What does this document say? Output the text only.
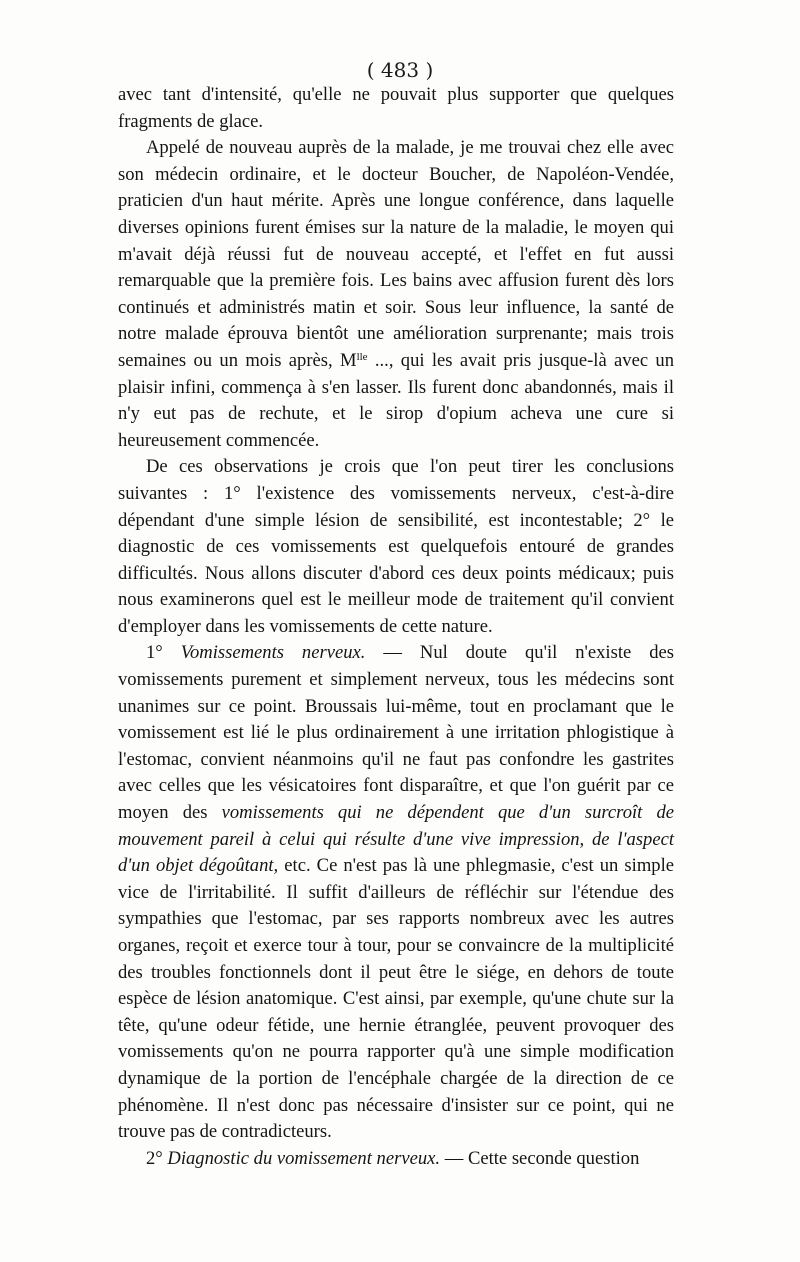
( 483 )

avec tant d'intensité, qu'elle ne pouvait plus supporter que quelques fragments de glace.

Appelé de nouveau auprès de la malade, je me trouvai chez elle avec son médecin ordinaire, et le docteur Boucher, de Napoléon-Vendée, praticien d'un haut mérite. Après une longue conférence, dans laquelle diverses opinions furent émises sur la nature de la maladie, le moyen qui m'avait déjà réussi fut de nouveau accepté, et l'effet en fut aussi remarquable que la première fois. Les bains avec affusion furent dès lors continués et administrés matin et soir. Sous leur influence, la santé de notre malade éprouva bientôt une amélioration surprenante; mais trois semaines ou un mois après, $M^{lle}$ ..., qui les avait pris jusque-là avec un plaisir infini, commença à s'en lasser. Ils furent donc abandonnés, mais il n'y eut pas de rechute, et le sirop d'opium acheva une cure si heureusement commencée.

De ces observations je crois que l'on peut tirer les conclusions suivantes : 1° l'existence des vomissements nerveux, c'est-à-dire dépendant d'une simple lésion de sensibilité, est incontestable; 2° le diagnostic de ces vomissements est quelquefois entouré de grandes difficultés. Nous allons discuter d'abord ces deux points médicaux; puis nous examinerons quel est le meilleur mode de traitement qu'il convient d'employer dans les vomissements de cette nature.

1° Vomissements nerveux. — Nul doute qu'il n'existe des vomissements purement et simplement nerveux, tous les médecins sont unanimes sur ce point. Broussais lui-même, tout en proclamant que le vomissement est lié le plus ordinairement à une irritation phlogistique à l'estomac, convient néanmoins qu'il ne faut pas confondre les gastrites avec celles que les vésicatoires font disparaître, et que l'on guérit par ce moyen des vomissements qui ne dépendent que d'un surcroît de mouvement pareil à celui qui résulte d'une vive impression, de l'aspect d'un objet dégoûtant, etc. Ce n'est pas là une phlegmasie, c'est un simple vice de l'irritabilité. Il suffit d'ailleurs de réfléchir sur l'étendue des sympathies que l'estomac, par ses rapports nombreux avec les autres organes, reçoit et exerce tour à tour, pour se convaincre de la multiplicité des troubles fonctionnels dont il peut être le siége, en dehors de toute espèce de lésion anatomique. C'est ainsi, par exemple, qu'une chute sur la tête, qu'une odeur fétide, une hernie étranglée, peuvent provoquer des vomissements qu'on ne pourra rapporter qu'à une simple modification dynamique de la portion de l'encéphale chargée de la direction de ce phénomène. Il n'est donc pas nécessaire d'insister sur ce point, qui ne trouve pas de contradicteurs.

2° Diagnostic du vomissement nerveux. — Cette seconde question
